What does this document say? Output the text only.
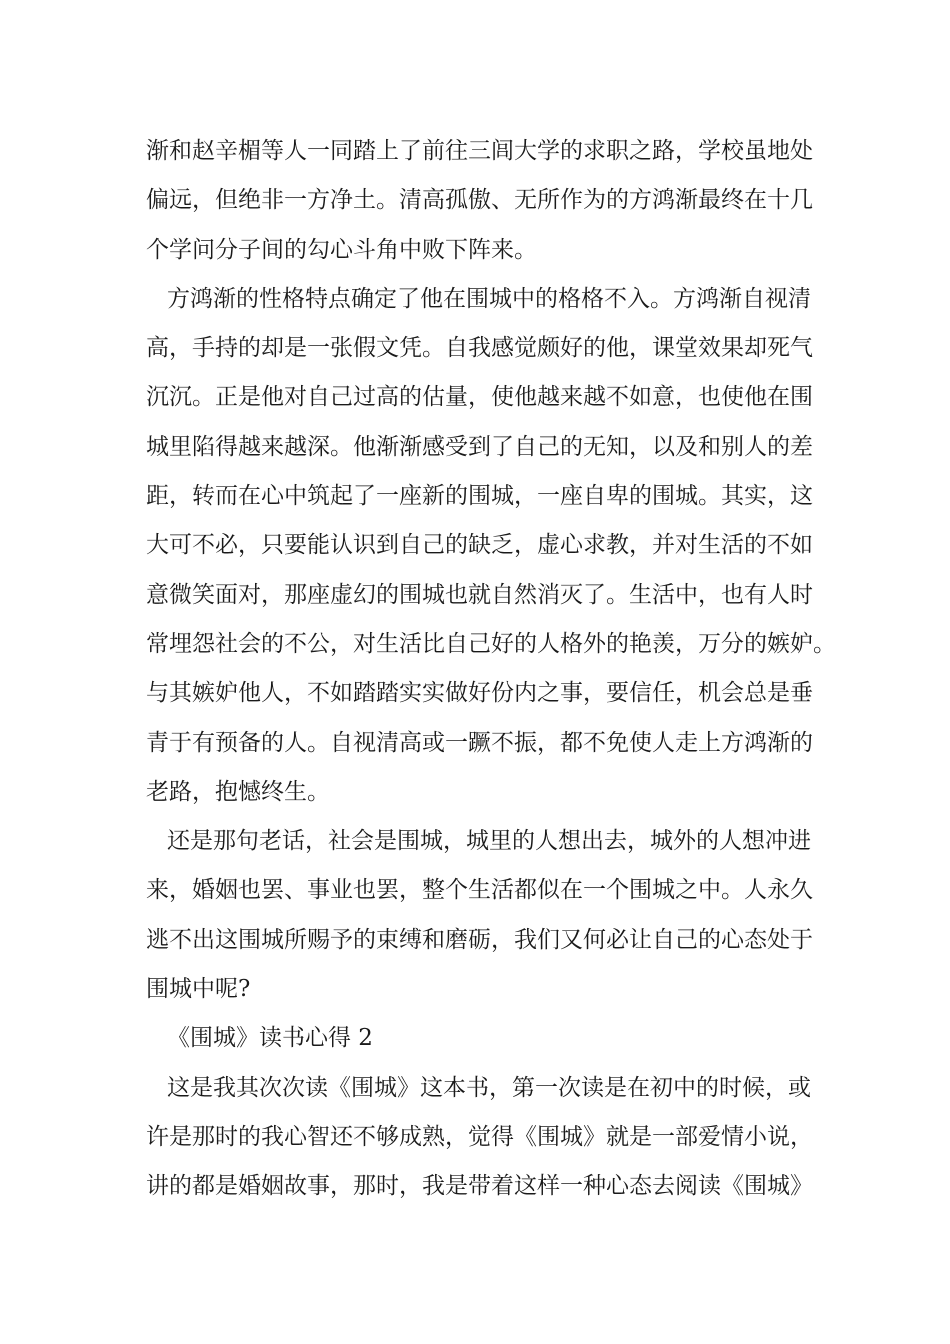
渐和赵辛楣等人一同踏上了前往三闾大学的求职之路，学校虽地处
偏远，但绝非一方净土。清高孤傲、无所作为的方鸿渐最终在十几
个学问分子间的勾心斗角中败下阵来。
方鸿渐的性格特点确定了他在围城中的格格不入。方鸿渐自视清
高，手持的却是一张假文凭。自我感觉颇好的他，课堂效果却死气
沉沉。正是他对自己过高的估量，使他越来越不如意，也使他在围
城里陷得越来越深。他渐渐感受到了自己的无知，以及和别人的差
距，转而在心中筑起了一座新的围城，一座自卑的围城。其实，这
大可不必，只要能认识到自己的缺乏，虚心求教，并对生活的不如
意微笑面对，那座虚幻的围城也就自然消灭了。生活中，也有人时
常埋怨社会的不公，对生活比自己好的人格外的艳羡，万分的嫉妒。
与其嫉妒他人，不如踏踏实实做好份内之事，要信任，机会总是垂
青于有预备的人。自视清高或一蹶不振，都不免使人走上方鸿渐的
老路，抱憾终生。
还是那句老话，社会是围城，城里的人想出去，城外的人想冲进
来，婚姻也罢、事业也罢，整个生活都似在一个围城之中。人永久
逃不出这围城所赐予的束缚和磨砺，我们又何必让自己的心态处于
围城中呢?
《围城》读书心得 2
这是我其次次读《围城》这本书，第一次读是在初中的时候，或
许是那时的我心智还不够成熟，觉得《围城》就是一部爱情小说，
讲的都是婚姻故事，那时，我是带着这样一种心态去阅读《围城》
